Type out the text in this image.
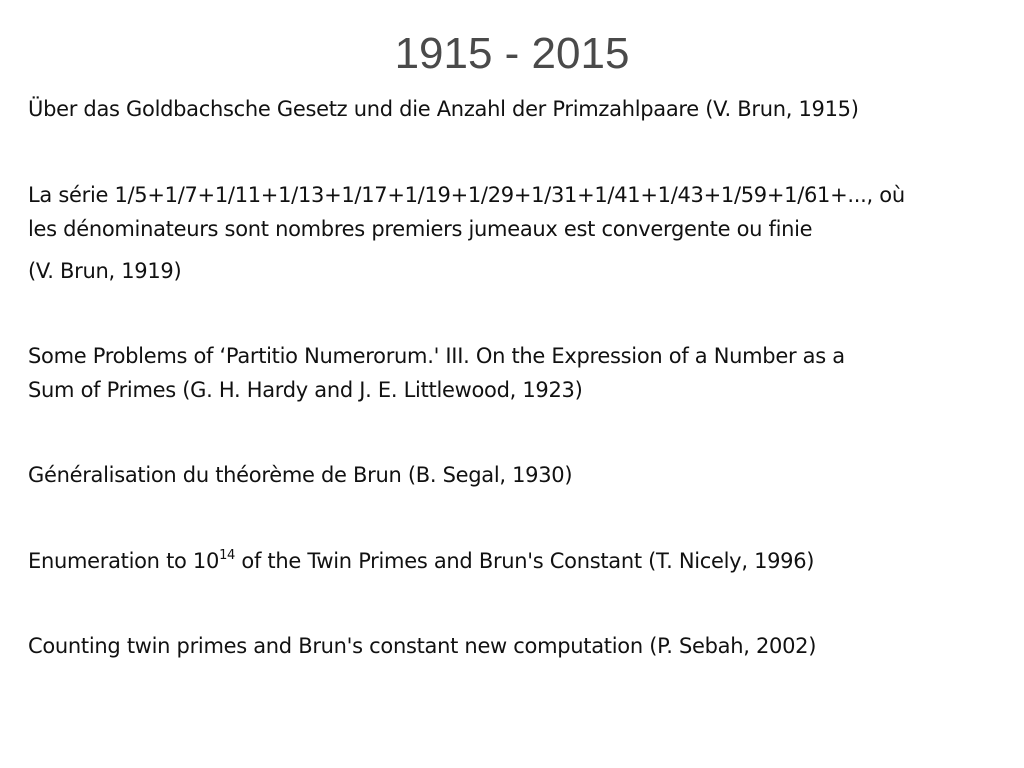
1915 - 2015
Über das Goldbachsche Gesetz und die Anzahl der Primzahlpaare (V. Brun, 1915)
La série 1/5+1/7+1/11+1/13+1/17+1/19+1/29+1/31+1/41+1/43+1/59+1/61+..., où
les dénominateurs sont nombres premiers jumeaux est convergente ou finie
(V. Brun, 1919)
Some Problems of ‘Partitio Numerorum.' III. On the Expression of a Number as a
Sum of Primes (G. H. Hardy and J. E. Littlewood, 1923)
Généralisation du théorème de Brun (B. Segal, 1930)
Enumeration to $10^{14}$ of the Twin Primes and Brun's Constant (T. Nicely, 1996)
Counting twin primes and Brun's constant new computation (P. Sebah, 2002)
